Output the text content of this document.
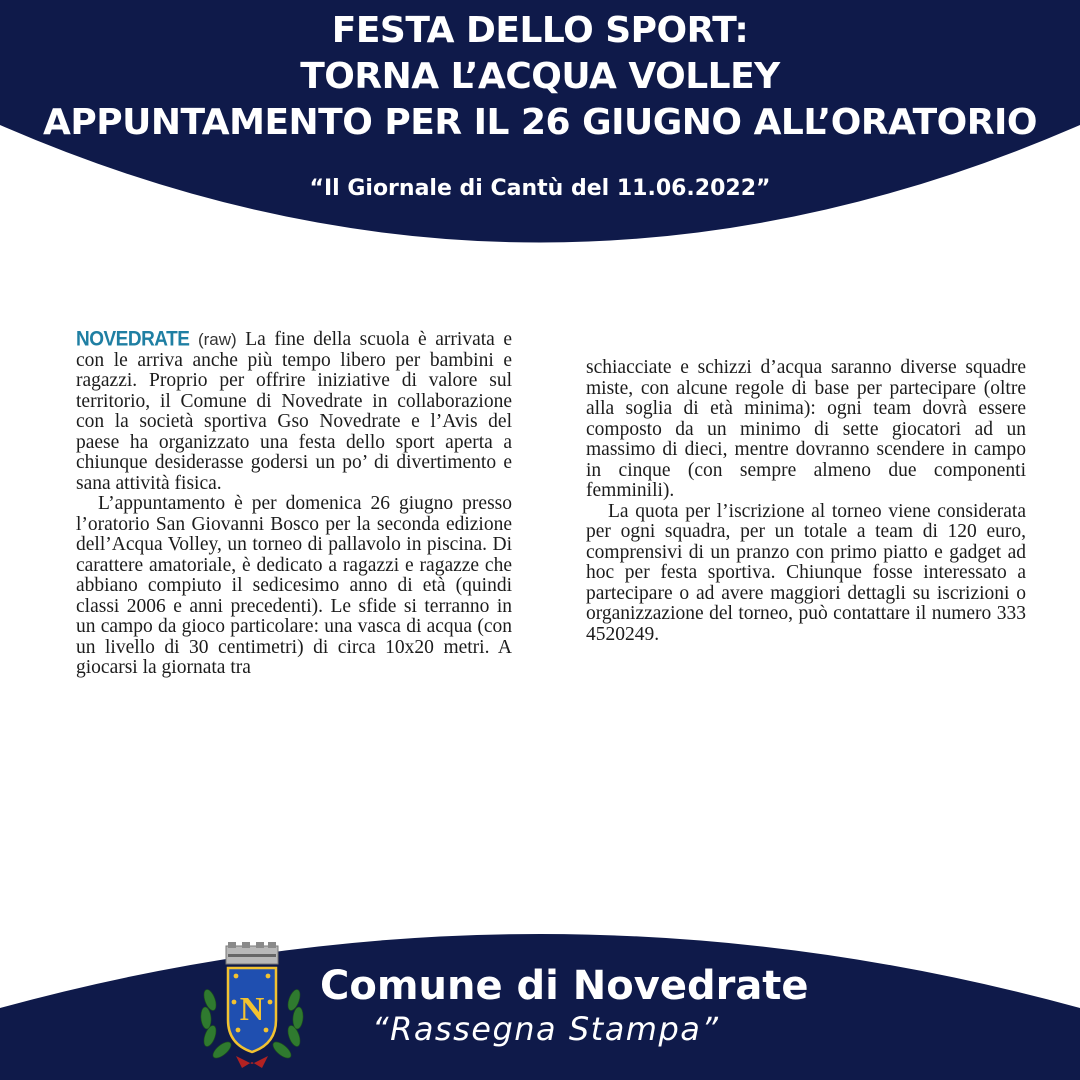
FESTA DELLO SPORT:
TORNA L’ACQUA VOLLEY
APPUNTAMENTO PER IL 26 GIUGNO ALL’ORATORIO
“Il Giornale di Cantù del 11.06.2022”

NOVEDRATE (raw) La fine della scuola è arrivata e con le arriva anche più tempo libero per bambini e ragazzi. Proprio per offrire iniziative di valore sul territorio, il Comune di Novedrate in collaborazione con la società sportiva Gso Novedrate e l’Avis del paese ha organizzato una festa dello sport aperta a chiunque desiderasse godersi un po’ di divertimento e sana attività fisica.

L’appuntamento è per domenica 26 giugno presso l’oratorio San Giovanni Bosco per la seconda edizione dell’Acqua Volley, un torneo di pallavolo in piscina. Di carattere amatoriale, è dedicato a ragazzi e ragazze che abbiano compiuto il sedicesimo anno di età (quindi classi 2006 e anni precedenti). Le sfide si terranno in un campo da gioco particolare: una vasca di acqua (con un livello di 30 centimetri) di circa 10x20 metri. A giocarsi la giornata tra

schiacciate e schizzi d’acqua saranno diverse squadre miste, con alcune regole di base per partecipare (oltre alla soglia di età minima): ogni team dovrà essere composto da un minimo di sette giocatori ad un massimo di dieci, mentre dovranno scendere in campo in cinque (con sempre almeno due componenti femminili).

La quota per l’iscrizione al torneo viene considerata per ogni squadra, per un totale a team di 120 euro, comprensivi di un pranzo con primo piatto e gadget ad hoc per festa sportiva. Chiunque fosse interessato a partecipare o ad avere maggiori dettagli su iscrizioni o organizzazione del torneo, può contattare il numero 333 4520249.

N
Comune di Novedrate
“Rassegna Stampa”
